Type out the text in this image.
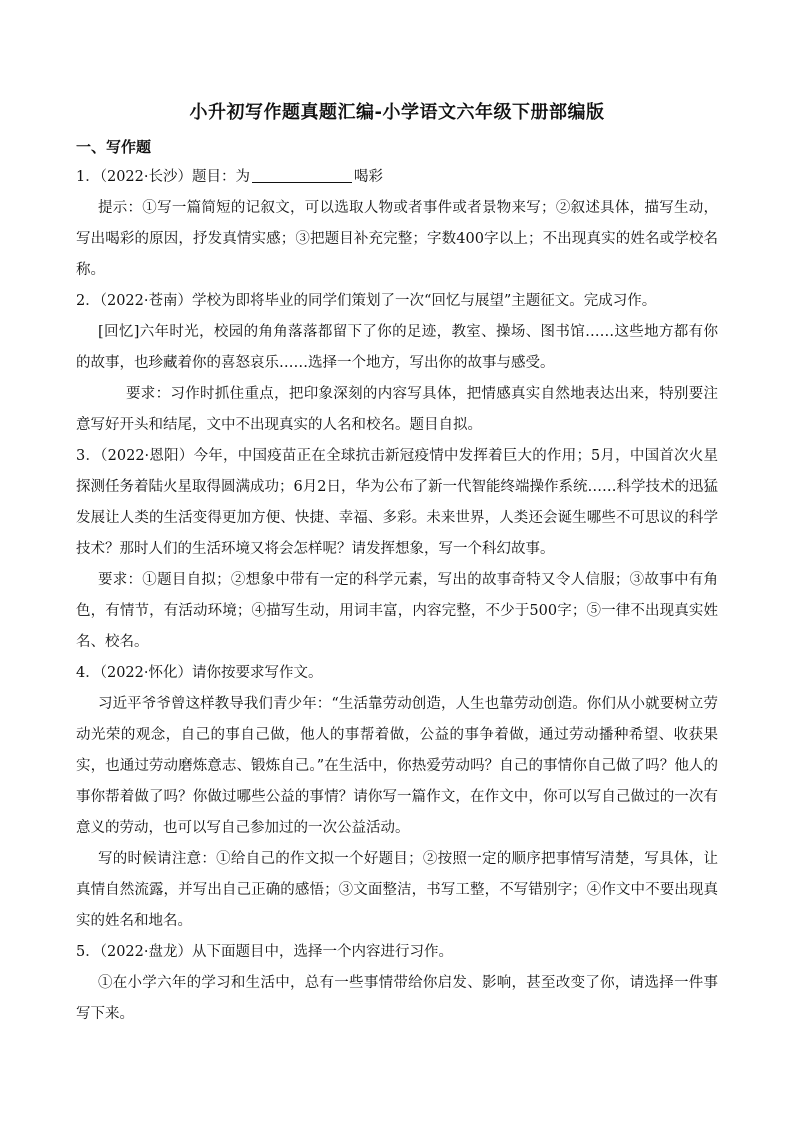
小升初写作题真题汇编-小学语文六年级下册部编版
一、写作题

1．（2022·长沙）题目：为	喝彩

提示：①写一篇简短的记叙文，可以选取人物或者事件或者景物来写；②叙述具体，描写生动，写出喝彩的原因，抒发真情实感；③把题目补充完整；字数400字以上；不出现真实的姓名或学校名称。

2．（2022·苍南）学校为即将毕业的同学们策划了一次“回忆与展望”主题征文。完成习作。

[回忆]六年时光，校园的角角落落都留下了你的足迹，教室、操场、图书馆……这些地方都有你的故事，也珍藏着你的喜怒哀乐……选择一个地方，写出你的故事与感受。

要求：习作时抓住重点，把印象深刻的内容写具体，把情感真实自然地表达出来，特别要注意写好开头和结尾，文中不出现真实的人名和校名。题目自拟。

3．（2022·恩阳）今年，中国疫苗正在全球抗击新冠疫情中发挥着巨大的作用；5月，中国首次火星探测任务着陆火星取得圆满成功；6月2日，华为公布了新一代智能终端操作系统……科学技术的迅猛发展让人类的生活变得更加方便、快捷、幸福、多彩。未来世界，人类还会诞生哪些不可思议的科学技术？那时人们的生活环境又将会怎样呢？请发挥想象，写一个科幻故事。

要求：①题目自拟；②想象中带有一定的科学元素，写出的故事奇特又令人信服；③故事中有角色，有情节，有活动环境；④描写生动，用词丰富，内容完整，不少于500字；⑤一律不出现真实姓名、校名。

4．（2022·怀化）请你按要求写作文。

习近平爷爷曾这样教导我们青少年：“生活靠劳动创造，人生也靠劳动创造。你们从小就要树立劳动光荣的观念，自己的事自己做，他人的事帮着做，公益的事争着做，通过劳动播种希望、收获果实，也通过劳动磨炼意志、锻炼自己。”在生活中，你热爱劳动吗？自己的事情你自己做了吗？他人的事你帮着做了吗？你做过哪些公益的事情？请你写一篇作文，在作文中，你可以写自己做过的一次有意义的劳动，也可以写自己参加过的一次公益活动。

写的时候请注意：①给自己的作文拟一个好题目；②按照一定的顺序把事情写清楚，写具体，让真情自然流露，并写出自己正确的感悟；③文面整洁，书写工整，不写错别字；④作文中不要出现真实的姓名和地名。

5．（2022·盘龙）从下面题目中，选择一个内容进行习作。

①在小学六年的学习和生活中，总有一些事情带给你启发、影响，甚至改变了你，请选择一件事写下来。
